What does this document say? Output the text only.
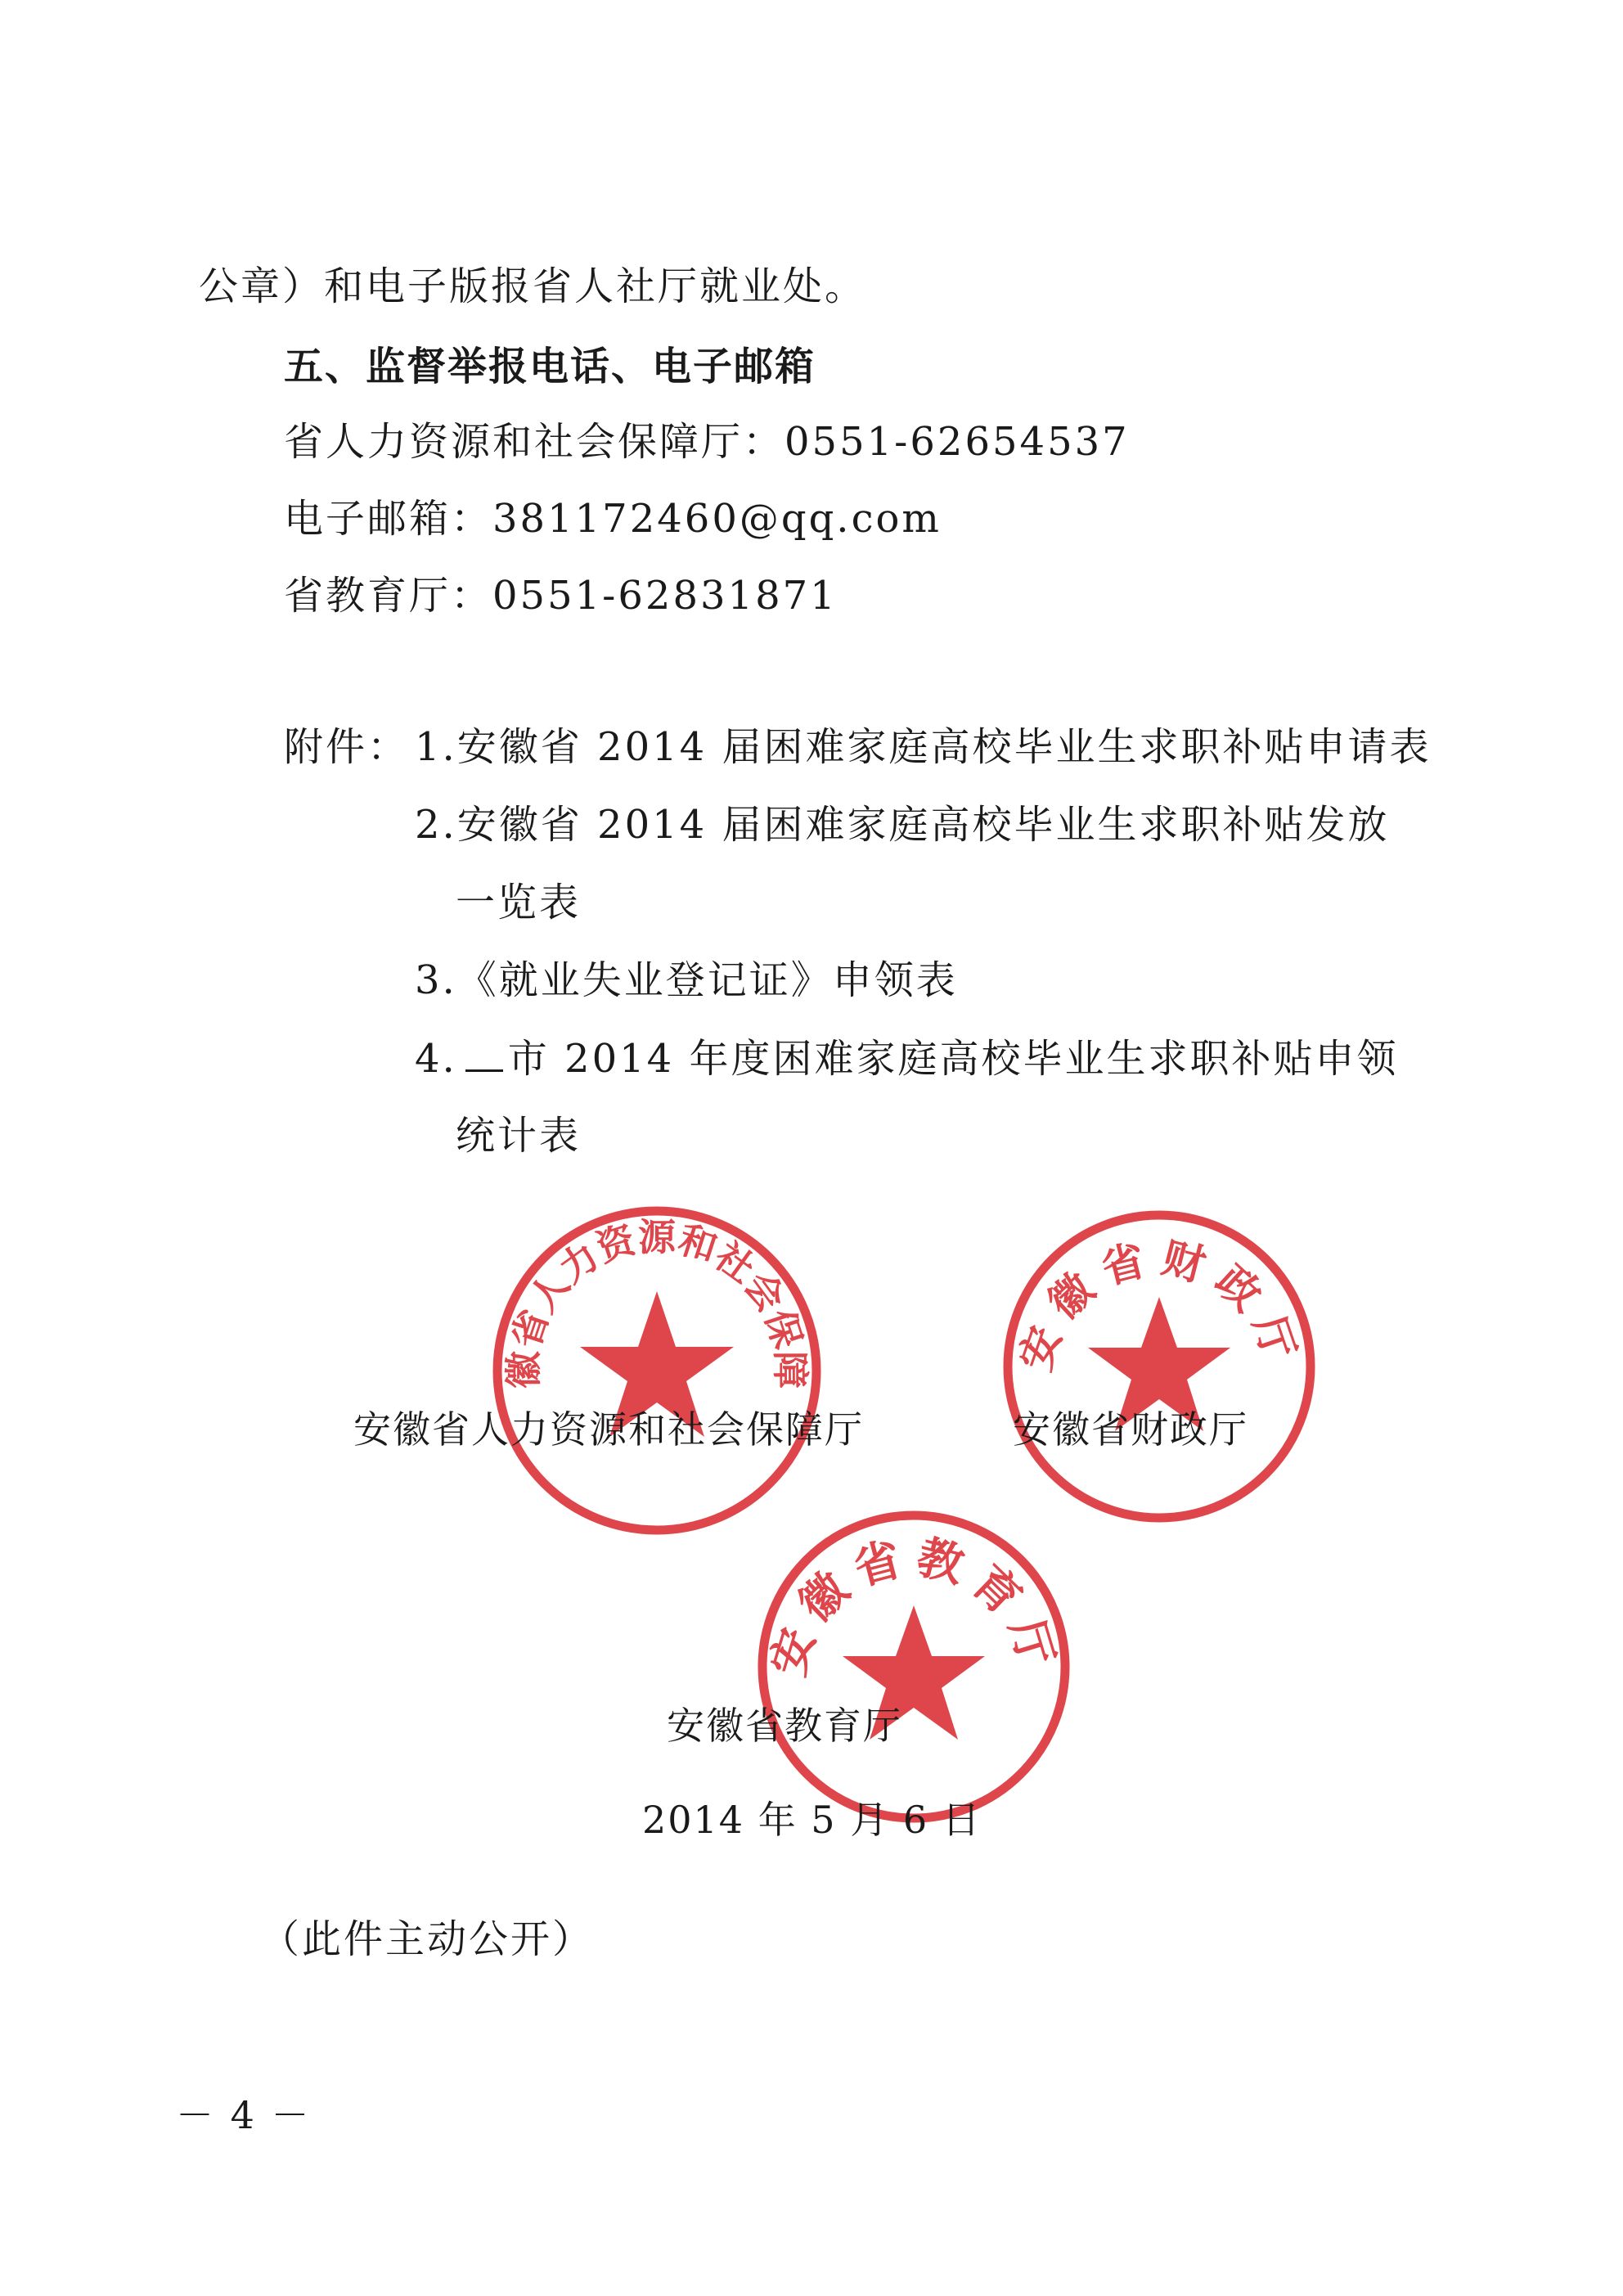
公章）和电子版报省人社厅就业处。
五、监督举报电话、电子邮箱
省人力资源和社会保障厅：0551-62654537
电子邮箱：381172460@qq.com
省教育厅：0551-62831871
附件： 1.安徽省 2014 届困难家庭高校毕业生求职补贴申请表
2.安徽省 2014 届困难家庭高校毕业生求职补贴发放
一览表
3.《就业失业登记证》申领表
4. 市 2014 年度困难家庭高校毕业生求职补贴申领
统计表
安徽省人力资源和社会保障厅
安徽省财政厅
安徽省教育厅
安徽省人力资源和社会保障厅	安徽省财政厅
安徽省教育厅
2014 年 5 月 6 日
（此件主动公开）
－ 4 －
